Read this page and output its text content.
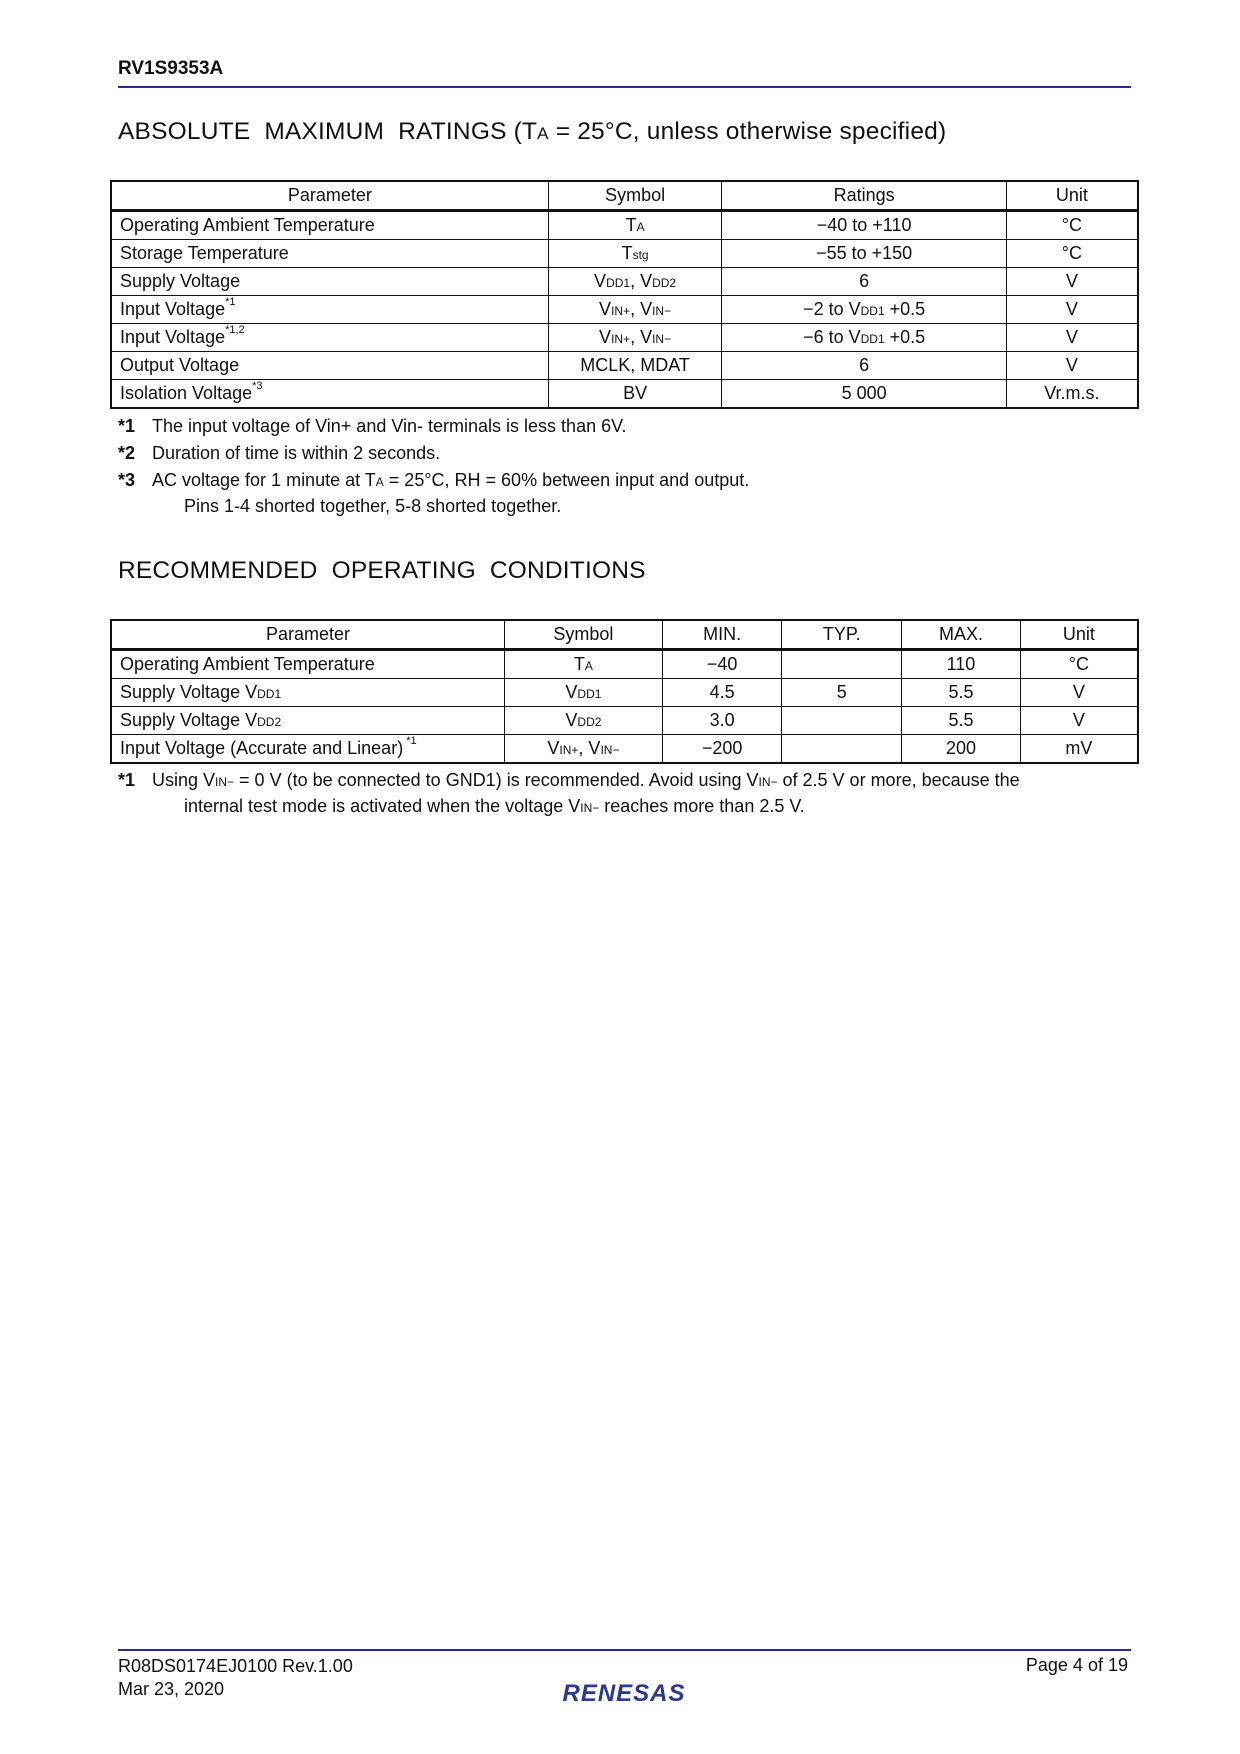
RV1S9353A
ABSOLUTE  MAXIMUM  RATINGS (TA = 25°C, unless otherwise specified)
Parameter	Symbol	Ratings	Unit
Operating Ambient Temperature	TA	−40 to +110	°C
Storage Temperature	Tstg	−55 to +150	°C
Supply Voltage	VDD1, VDD2	6	V
Input Voltage$^{*1}$	VIN+, VIN−	−2 to VDD1 +0.5	V
Input Voltage$^{*1,2}$	VIN+, VIN−	−6 to VDD1 +0.5	V
Output Voltage	MCLK, MDAT	6	V
Isolation Voltage$^{*3}$	BV	5 000	Vr.m.s.
*1 The input voltage of Vin+ and Vin- terminals is less than 6V.
*2 Duration of time is within 2 seconds.
*3 AC voltage for 1 minute at TA = 25°C, RH = 60% between input and output.
Pins 1-4 shorted together, 5-8 shorted together.
RECOMMENDED  OPERATING  CONDITIONS
Parameter	Symbol	MIN.	TYP.	MAX.	Unit
Operating Ambient Temperature	TA	−40		110	°C
Supply Voltage VDD1	VDD1	4.5	5	5.5	V
Supply Voltage VDD2	VDD2	3.0		5.5	V
Input Voltage (Accurate and Linear) $^{*1}$	VIN+, VIN−	−200		200	mV
*1 Using VIN− = 0 V (to be connected to GND1) is recommended. Avoid using VIN− of 2.5 V or more, because the
internal test mode is activated when the voltage VIN− reaches more than 2.5 V.
R08DS0174EJ0100 Rev.1.00
Mar 23, 2020
Page 4 of 19
RENESAS
